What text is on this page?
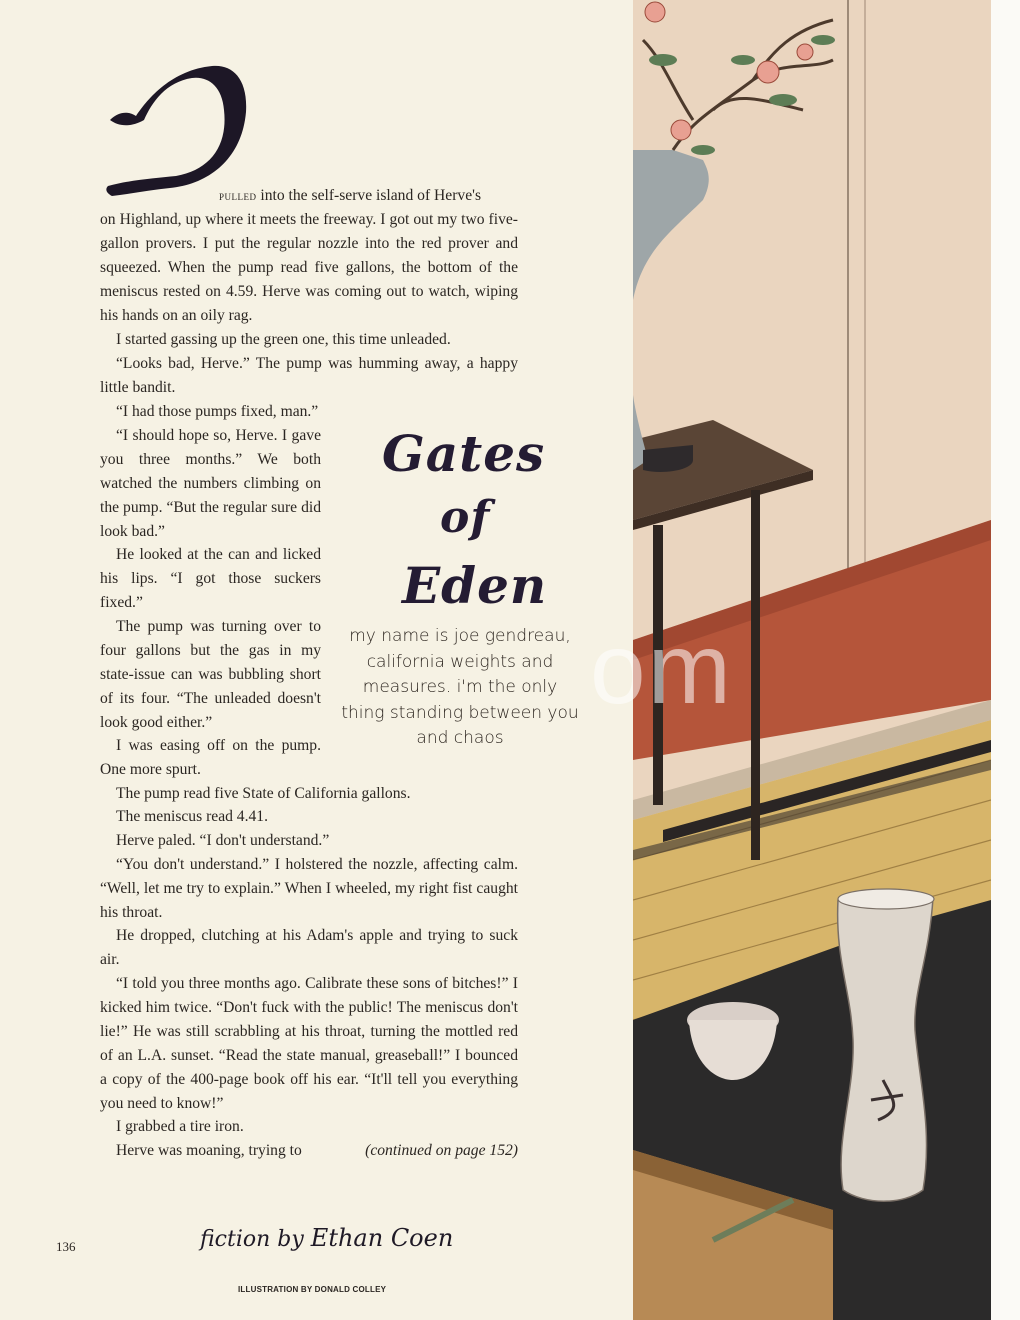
pulled into the self-serve island of Herve's

on Highland, up where it meets the freeway. I got out my two five-gallon provers. I put the regular nozzle into the red prover and squeezed. When the pump read five gallons, the bottom of the meniscus rested on 4.59. Herve was coming out to watch, wiping his hands on an oily rag.

I started gassing up the green one, this time unleaded.

“Looks bad, Herve.” The pump was humming away, a happy little bandit.

“I had those pumps fixed, man.”

“I should hope so, Herve. I gave you three months.” We both watched the numbers climbing on the pump. “But the regular sure did look bad.”

He looked at the can and licked his lips. “I got those suckers fixed.”

The pump was turning over to four gallons but the gas in my state-issue can was bubbling short of its four. “The unleaded doesn't look good either.”

I was easing off on the pump. One more spurt.

The pump read five State of California gallons.

The meniscus read 4.41.

Herve paled. “I don't understand.”

“You don't understand.” I holstered the nozzle, affecting calm. “Well, let me try to explain.” When I wheeled, my right fist caught his throat.

He dropped, clutching at his Adam's apple and trying to suck air.

“I told you three months ago. Calibrate these sons of bitches!” I kicked him twice. “Don't fuck with the public! The meniscus don't lie!” He was still scrabbling at his throat, turning the mottled red of an L.A. sunset. “Read the state manual, greaseball!” I bounced a copy of the 400-page book off his ear. “It'll tell you everything you need to know!”

I grabbed a tire iron.

Herve was moaning, trying to	(continued on page 152)

Gates
of
Eden
my name is joe gendreau, california weights and measures. i'm the only thing standing between you and chaos
136	fiction by Ethan Coen
ILLUSTRATION BY DONALD COLLEY
om
